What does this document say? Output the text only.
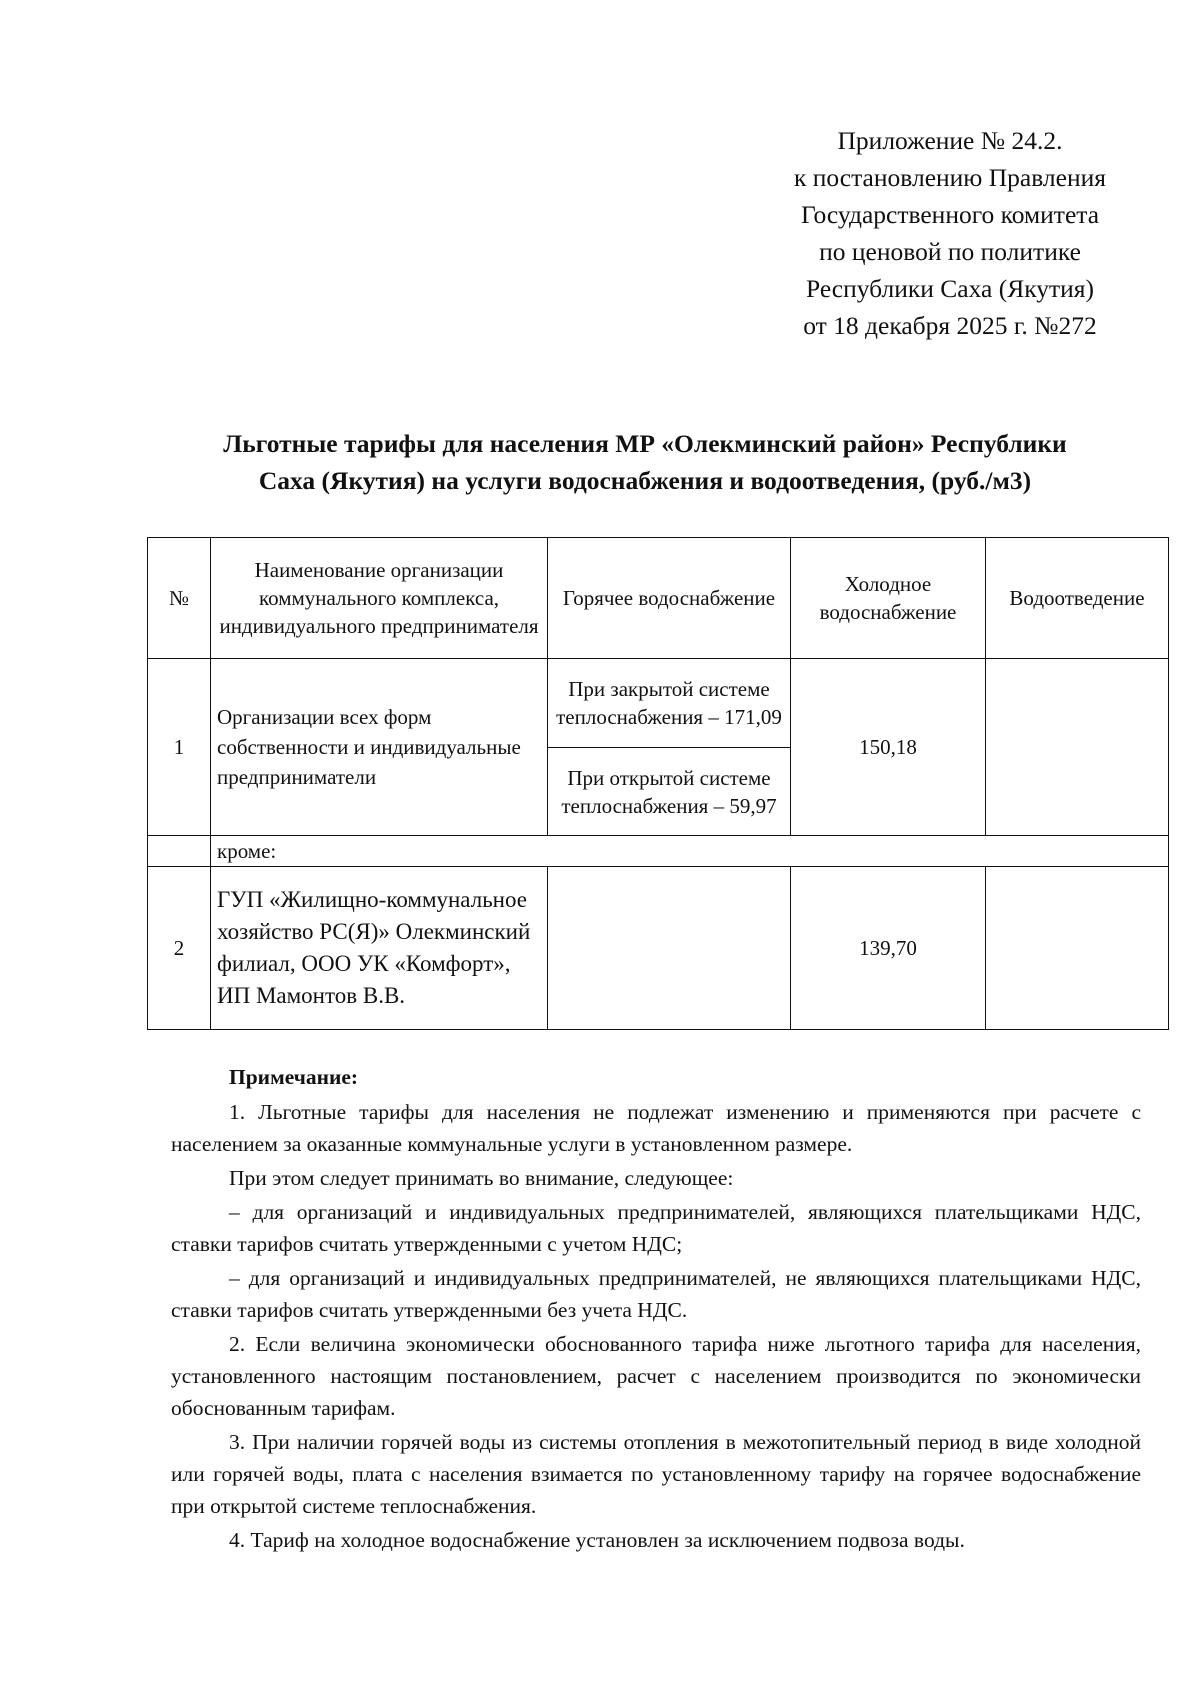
Приложение № 24.2.
к постановлению Правления
Государственного комитета
по ценовой по политике
Республики Саха (Якутия)
от 18 декабря 2025 г. №272
Льготные тарифы для населения МР «Олекминский район» Республики
Саха (Якутия) на услуги водоснабжения и водоотведения, (руб./м3)
№	Наименование организации коммунального комплекса, индивидуального предпринимателя	Горячее водоснабжение	Холодное водоснабжение	Водоотведение
1	Организации всех форм собственности и индивидуальные предприниматели	При закрытой системе теплоснабжения – 171,09	150,18	
		При открытой системе теплоснабжения – 59,97		
	кроме:			
2	ГУП «Жилищно-коммунальное хозяйство РС(Я)» Олекминский филиал, ООО УК «Комфорт», ИП Мамонтов В.В.		139,70	

Примечание:

1. Льготные тарифы для населения не подлежат изменению и применяются при расчете с населением за оказанные коммунальные услуги в установленном размере.

При этом следует принимать во внимание, следующее:

– для организаций и индивидуальных предпринимателей, являющихся плательщиками НДС, ставки тарифов считать утвержденными с учетом НДС;

– для организаций и индивидуальных предпринимателей, не являющихся плательщиками НДС, ставки тарифов считать утвержденными без учета НДС.

2. Если величина экономически обоснованного тарифа ниже льготного тарифа для населения, установленного настоящим постановлением, расчет с населением производится по экономически обоснованным тарифам.

3. При наличии горячей воды из системы отопления в межотопительный период в виде холодной или горячей воды, плата с населения взимается по установленному тарифу на горячее водоснабжение при открытой системе теплоснабжения.

4. Тариф на холодное водоснабжение установлен за исключением подвоза воды.
